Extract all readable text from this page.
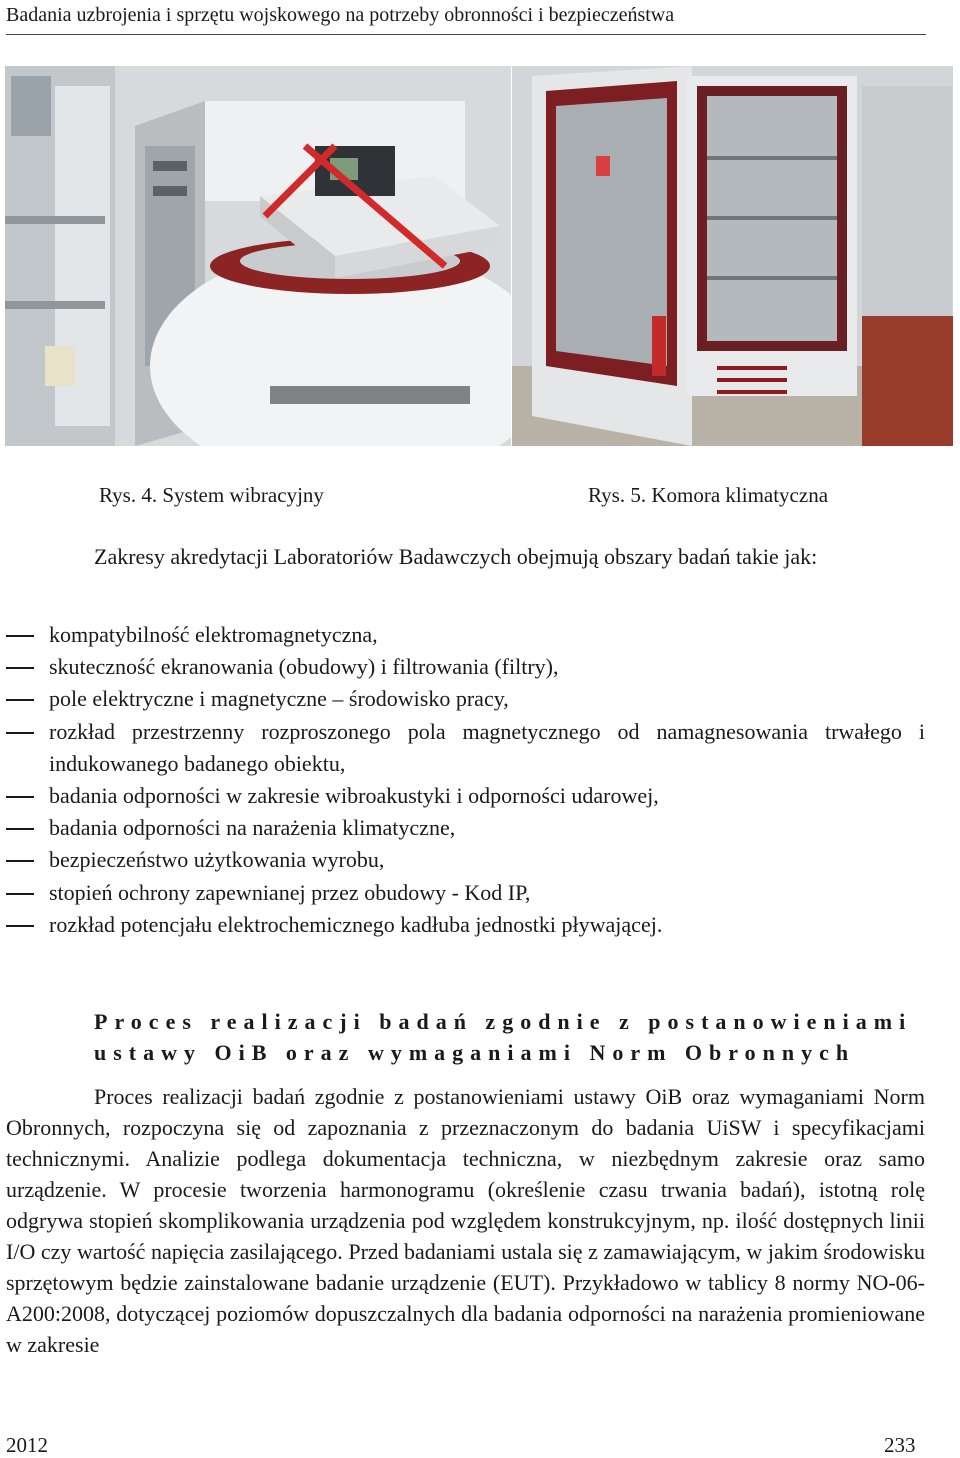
Badania uzbrojenia i sprzętu wojskowego na potrzeby obronności i bezpieczeństwa
Rys. 4. System wibracyjny	Rys. 5. Komora klimatyczna

Zakresy akredytacji Laboratoriów Badawczych obejmują obszary badań takie jak:

kompatybilność elektromagnetyczna,
skuteczność ekranowania (obudowy) i filtrowania (filtry),
pole elektryczne i magnetyczne – środowisko pracy,
rozkład przestrzenny rozproszonego pola magnetycznego od namagnesowania trwałego i indukowanego badanego obiektu,
badania odporności w zakresie wibroakustyki i odporności udarowej,
badania odporności na narażenia klimatyczne,
bezpieczeństwo użytkowania wyrobu,
stopień ochrony zapewnianej przez obudowy - Kod IP,
rozkład potencjału elektrochemicznego kadłuba jednostki pływającej.
Proces realizacji badań zgodnie z postanowieniami ustawy OiB oraz wymaganiami Norm Obronnych

Proces realizacji badań zgodnie z postanowieniami ustawy OiB oraz wymaganiami Norm Obronnych, rozpoczyna się od zapoznania z przeznaczonym do badania UiSW i specyfikacjami technicznymi. Analizie podlega dokumentacja techniczna, w niezbędnym zakresie oraz samo urządzenie. W procesie tworzenia harmonogramu (określenie czasu trwania badań), istotną rolę odgrywa stopień skomplikowania urządzenia pod względem konstrukcyjnym, np. ilość dostępnych linii I/O czy wartość napięcia zasilającego. Przed badaniami ustala się z zamawiającym, w jakim środowisku sprzętowym będzie zainstalowane badanie urządzenie (EUT). Przykładowo w tablicy 8 normy NO-06-A200:2008, dotyczącej poziomów dopuszczalnych dla badania odporności na narażenia promieniowane w zakresie

2012	233
